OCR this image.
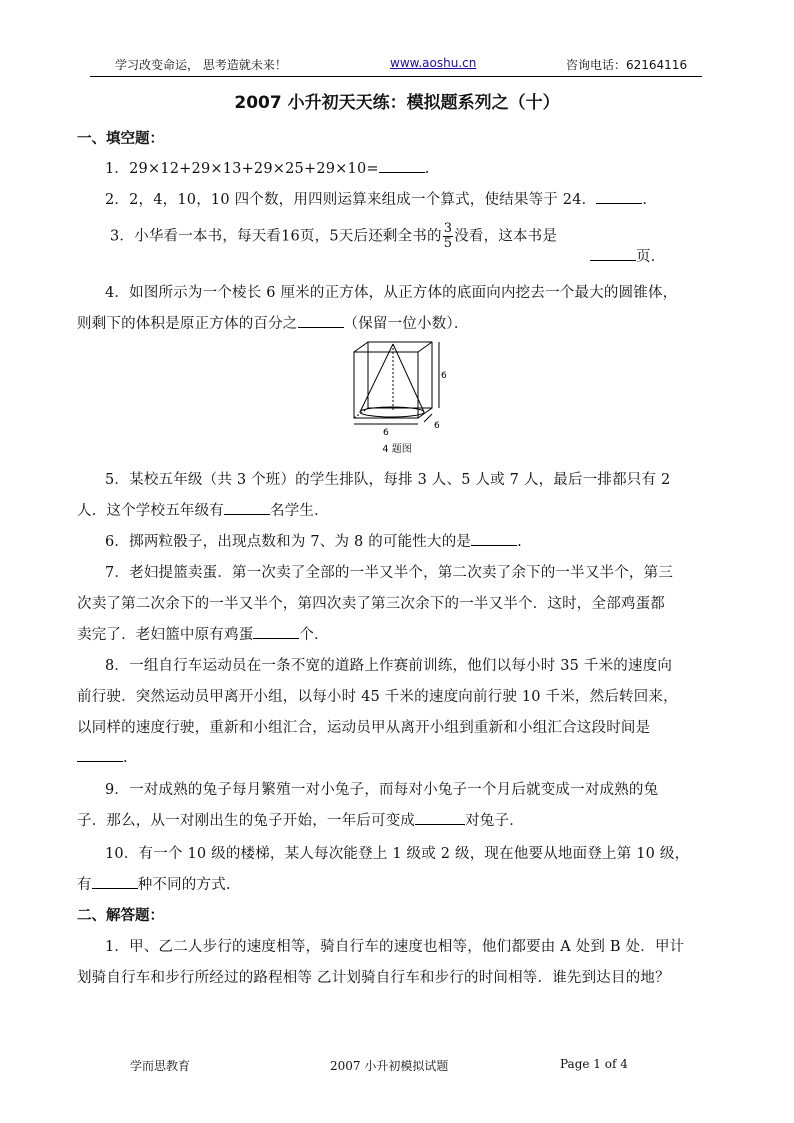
学习改变命运， 思考造就未来！	www.aoshu.cn	咨询电话：62164116
2007 小升初天天练：模拟题系列之（十）
一、填空题：
1．29×12+29×13+29×25+29×10=	.
2．2，4，10，10 四个数，用四则运算来组成一个算式，使结果等于 24．	.
3．小华看一本书，每天看16页，5天后还剩全书的 $\frac{3}{5}$ 没看，这本书是
页．
4．如图所示为一个棱长 6 厘米的正方体，从正方体的底面向内挖去一个最大的圆锥体，
则剩下的体积是原正方体的百分之	（保留一位小数）．
6
6
6
4 题图
5．某校五年级（共 3 个班）的学生排队，每排 3 人、5 人或 7 人，最后一排都只有 2
人．这个学校五年级有	名学生．
6．掷两粒骰子，出现点数和为 7、为 8 的可能性大的是	.
7．老妇提篮卖蛋．第一次卖了全部的一半又半个，第二次卖了余下的一半又半个，第三
次卖了第二次余下的一半又半个，第四次卖了第三次余下的一半又半个．这时，全部鸡蛋都
卖完了．老妇篮中原有鸡蛋	个．
8．一组自行车运动员在一条不宽的道路上作赛前训练，他们以每小时 35 千米的速度向
前行驶．突然运动员甲离开小组，以每小时 45 千米的速度向前行驶 10 千米，然后转回来，
以同样的速度行驶，重新和小组汇合，运动员甲从离开小组到重新和小组汇合这段时间是
.
9．一对成熟的兔子每月繁殖一对小兔子，而每对小兔子一个月后就变成一对成熟的兔
子．那么，从一对刚出生的兔子开始，一年后可变成	对兔子．
10．有一个 10 级的楼梯，某人每次能登上 1 级或 2 级，现在他要从地面登上第 10 级，
有	种不同的方式.
二、解答题：
1．甲、乙二人步行的速度相等，骑自行车的速度也相等，他们都要由 A 处到 B 处．甲计
划骑自行车和步行所经过的路程相等 乙计划骑自行车和步行的时间相等．谁先到达目的地？
学而思教育	2007 小升初模拟试题	Page 1 of 4
